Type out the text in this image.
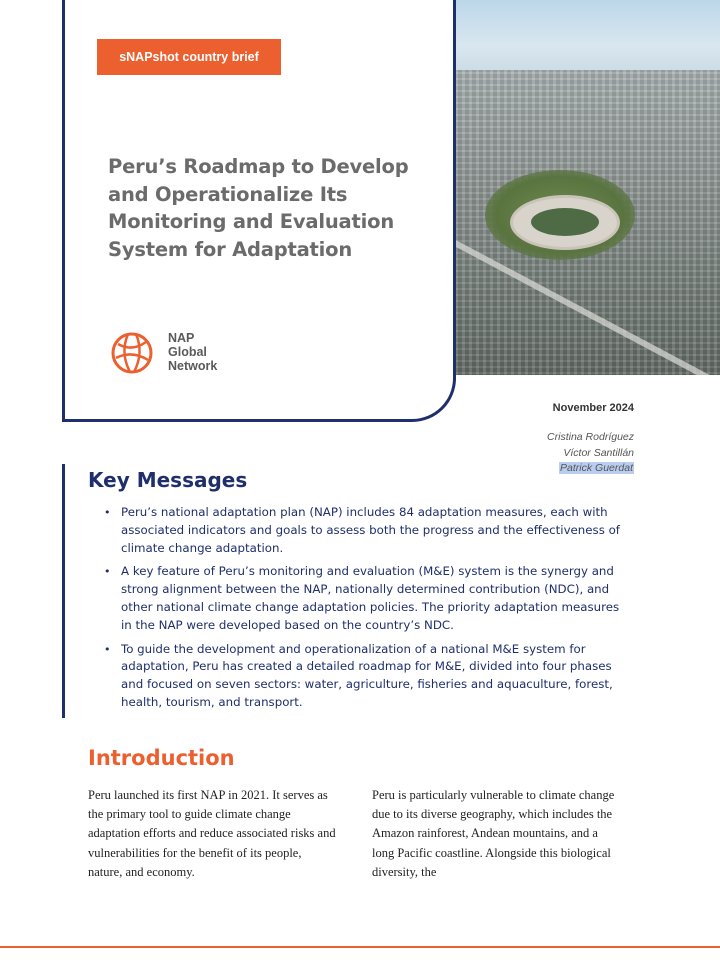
sNAPshot country brief
Peru’s Roadmap to Develop and Operationalize Its Monitoring and Evaluation System for Adaptation
NAP
Global
Network
November 2024
Cristina Rodríguez
Víctor Santillán
Patrick Guerdat
Key Messages
• Peru’s national adaptation plan (NAP) includes 84 adaptation measures, each with associated indicators and goals to assess both the progress and the effectiveness of climate change adaptation.
• A key feature of Peru’s monitoring and evaluation (M&E) system is the synergy and strong alignment between the NAP, nationally determined contribution (NDC), and other national climate change adaptation policies. The priority adaptation measures in the NAP were developed based on the country’s NDC.
• To guide the development and operationalization of a national M&E system for adaptation, Peru has created a detailed roadmap for M&E, divided into four phases and focused on seven sectors: water, agriculture, fisheries and aquaculture, forest, health, tourism, and transport.
Introduction

Peru launched its first NAP in 2021. It serves as the primary tool to guide climate change adaptation efforts and reduce associated risks and vulnerabilities for the benefit of its people, nature, and economy.

Peru is particularly vulnerable to climate change due to its diverse geography, which includes the Amazon rainforest, Andean mountains, and a long Pacific coastline. Alongside this biological diversity, the
